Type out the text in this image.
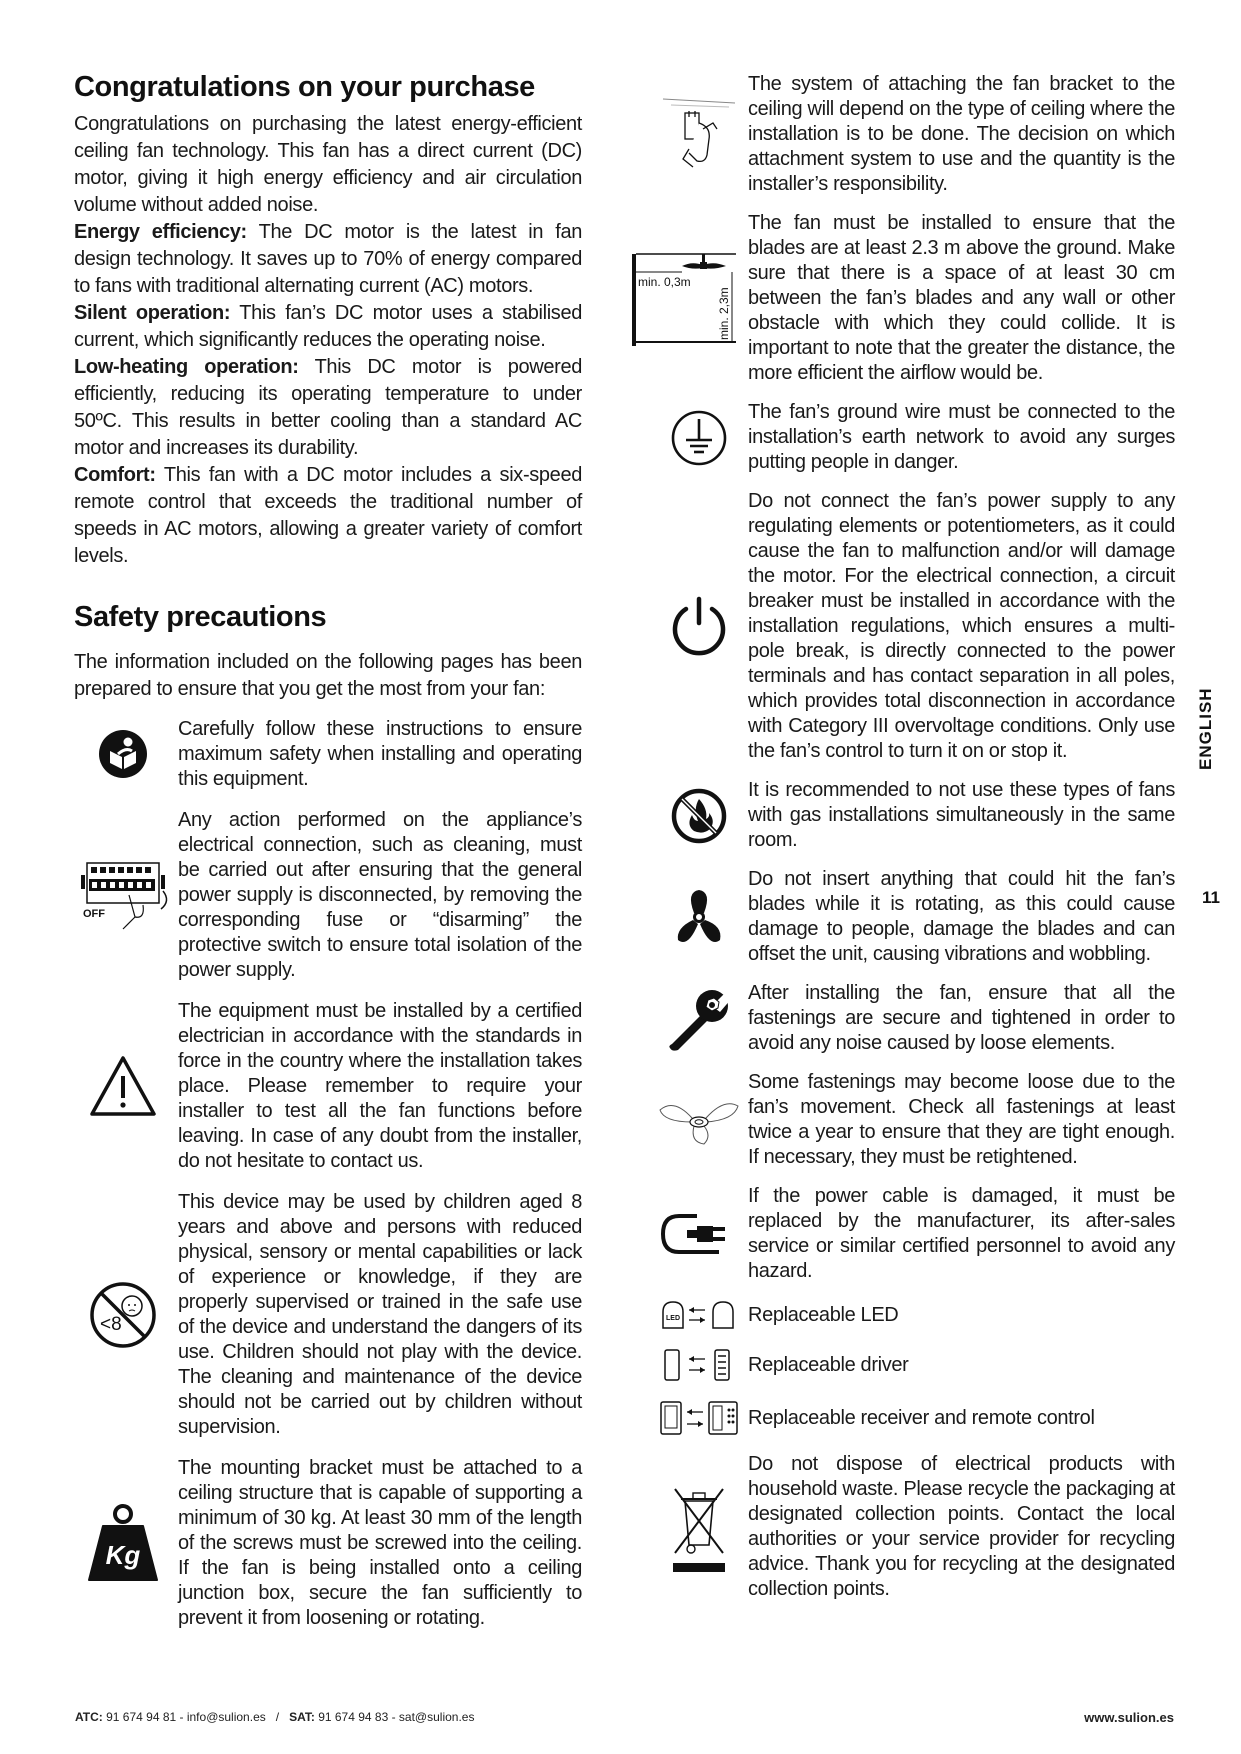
Congratulations on your purchase

Congratulations on purchasing the latest energy-efficient ceiling fan technology. This fan has a direct current (DC) motor, giving it high energy efficiency and air circulation volume without added noise.

Energy efficiency: The DC motor is the latest in fan design technology. It saves up to 70% of energy compared to fans with traditional alternating current (AC) motors.

Silent operation: This fan’s DC motor uses a stabilised current, which significantly reduces the operating noise.

Low-heating operation: This DC motor is powered efficiently, reducing its operating temperature to under 50ºC. This results in better cooling than a standard AC motor and increases its durability.

Comfort: This fan with a DC motor includes a six-speed remote control that exceeds the traditional number of speeds in AC motors, allowing a greater variety of comfort levels.

Safety precautions

The information included on the following pages has been prepared to ensure that you get the most from your fan:

Carefully follow these instructions to ensure maximum safety when installing and operating this equipment.
OFF
Any action performed on the appliance’s electrical connection, such as cleaning, must be carried out after ensuring that the general power supply is disconnected, by removing the corresponding fuse or “disarming” the protective switch to ensure total isolation of the power supply.
The equipment must be installed by a certified electrician in accordance with the standards in force in the country where the installation takes place. Please remember to require your installer to test all the fan functions before leaving. In case of any doubt from the installer, do not hesitate to contact us.
<8
This device may be used by children aged 8 years and above and persons with reduced physical, sensory or mental capabilities or lack of experience or knowledge, if they are properly supervised or trained in the safe use of the device and understand the dangers of its use. Children should not play with the device. The cleaning and maintenance of the device should not be carried out by children without supervision.
Kg
The mounting bracket must be attached to a ceiling structure that is capable of supporting a minimum of 30 kg. At least 30 mm of the length of the screws must be screwed into the ceiling. If the fan is being installed onto a ceiling junction box, secure the fan sufficiently to prevent it from loosening or rotating.
The system of attaching the fan bracket to the ceiling will depend on the type of ceiling where the installation is to be done. The decision on which attachment system to use and the quantity is the installer’s responsibility.
min. 0,3m
min. 2,3m
The fan must be installed to ensure that the blades are at least 2.3 m above the ground. Make sure that there is a space of at least 30 cm between the fan’s blades and any wall or other obstacle with which they could collide. It is important to note that the greater the distance, the more efficient the airflow would be.
The fan’s ground wire must be connected to the installation’s earth network to avoid any surges putting people in danger.
Do not connect the fan’s power supply to any regulating elements or potentiometers, as it could cause the fan to malfunction and/or will damage the motor. For the electrical connection, a circuit breaker must be installed in accordance with the installation regulations, which ensures a multi-pole break, is directly connected to the power terminals and has contact separation in all poles, which provides total disconnection in accordance with Category III overvoltage conditions. Only use the fan’s control to turn it on or stop it.
It is recommended to not use these types of fans with gas installations simultaneously in the same room.
Do not insert anything that could hit the fan’s blades while it is rotating, as this could cause damage to people, damage the blades and can offset the unit, causing vibrations and wobbling.
After installing the fan, ensure that all the fastenings are secure and tightened in order to avoid any noise caused by loose elements.
Some fastenings may become loose due to the fan’s movement. Check all fastenings at least twice a year to ensure that they are tight enough. If necessary, they must be retightened.
If the power cable is damaged, it must be replaced by the manufacturer, its after-sales service or similar certified personnel to avoid any hazard.
LED	Replaceable LED
Replaceable driver
Replaceable receiver and remote control
Do not dispose of electrical products with household waste. Please recycle the packaging at designated collection points. Contact the local authorities or your service provider for recycling advice. Thank you for recycling at the designated collection points.
ENGLISH
11
ATC: 91 674 94 81 - info@sulion.es   /   SAT: 91 674 94 83 - sat@sulion.es	www.sulion.es
